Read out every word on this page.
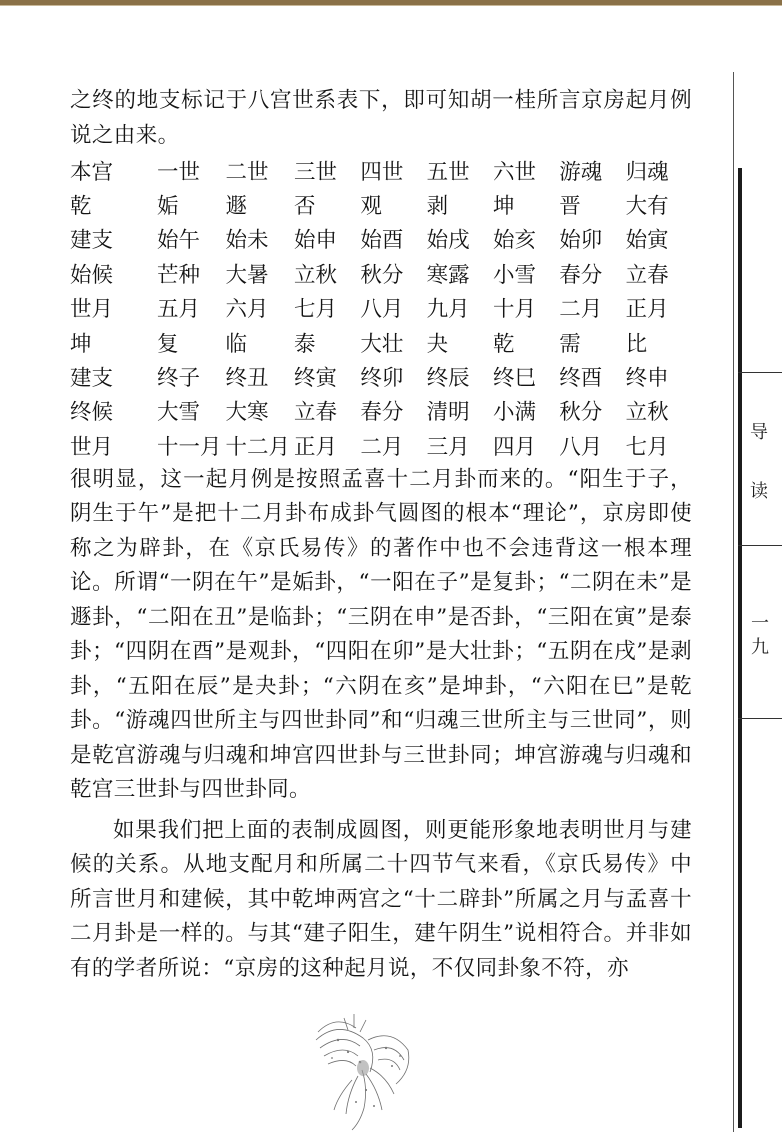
之终的地支标记于八宫世系表下，即可知胡一桂所言京房起月例说之由来。

本宫	一世	二世	三世	四世	五世	六世	游魂	归魂
乾	姤	遯	否	观	剥	坤	晋	大有
建支	始午	始未	始申	始酉	始戌	始亥	始卯	始寅
始候	芒种	大暑	立秋	秋分	寒露	小雪	春分	立春
世月	五月	六月	七月	八月	九月	十月	二月	正月
坤	复	临	泰	大壮	夬	乾	需	比
建支	终子	终丑	终寅	终卯	终辰	终巳	终酉	终申
终候	大雪	大寒	立春	春分	清明	小满	秋分	立秋
世月	十一月	十二月	正月	二月	三月	四月	八月	七月

很明显，这一起月例是按照孟喜十二月卦而来的。“阳生于子，阴生于午”是把十二月卦布成卦气圆图的根本“理论”，京房即使称之为辟卦，在《京氏易传》的著作中也不会违背这一根本理论。所谓“一阴在午”是姤卦，“一阳在子”是复卦；“二阴在未”是遯卦，“二阳在丑”是临卦；“三阴在申”是否卦，“三阳在寅”是泰卦；“四阴在酉”是观卦，“四阳在卯”是大壮卦；“五阴在戌”是剥卦，“五阳在辰”是夬卦；“六阴在亥”是坤卦，“六阳在巳”是乾卦。“游魂四世所主与四世卦同”和“归魂三世所主与三世同”，则是乾宫游魂与归魂和坤宫四世卦与三世卦同；坤宫游魂与归魂和乾宫三世卦与四世卦同。

如果我们把上面的表制成圆图，则更能形象地表明世月与建候的关系。从地支配月和所属二十四节气来看，《京氏易传》中所言世月和建候，其中乾坤两宫之“十二辟卦”所属之月与孟喜十二月卦是一样的。与其“建子阳生，建午阴生”说相符合。并非如有的学者所说：“京房的这种起月说，不仅同卦象不符，亦

导
读
一九
